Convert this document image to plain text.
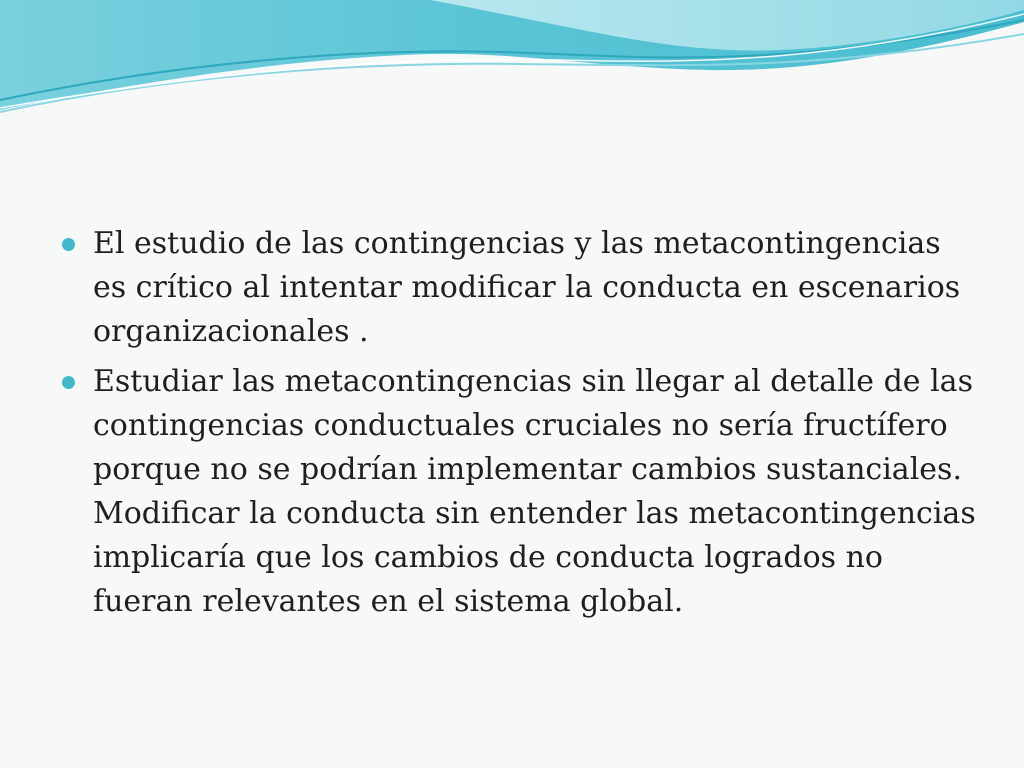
El estudio de las contingencias y las metacontingencias es crítico al intentar modificar la conducta en escenarios organizacionales .
Estudiar las metacontingencias sin llegar al detalle de las contingencias conductuales cruciales no sería fructífero porque no se podrían implementar cambios sustanciales. Modificar la conducta sin entender las metacontingencias  implicaría que los cambios de conducta logrados no fueran relevantes en el sistema global.
